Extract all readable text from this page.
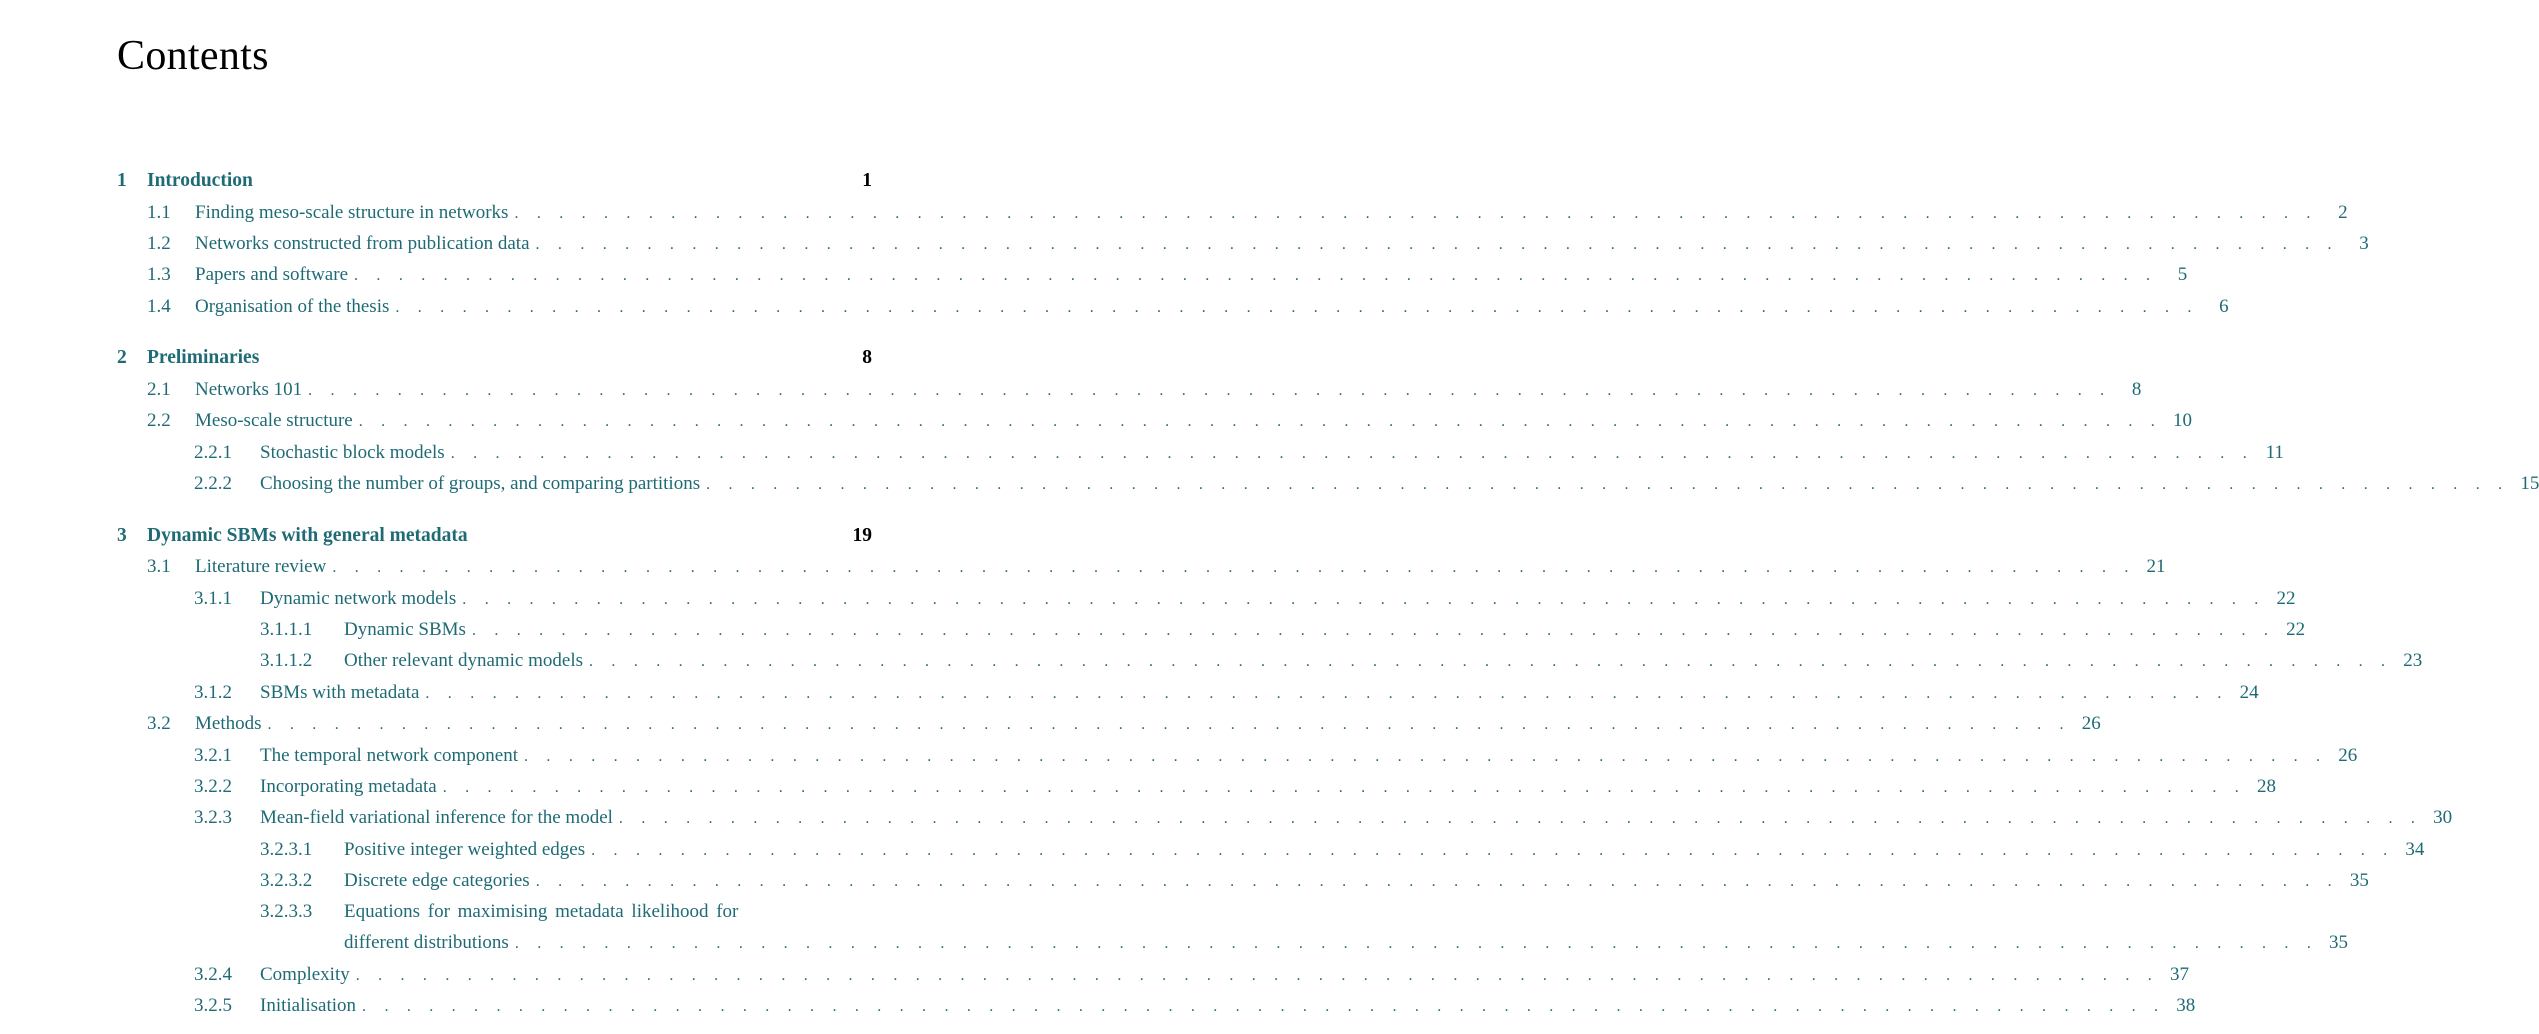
Contents
1	Introduction	1
1.1	Finding meso-scale structure in networks . . . . . . . . . . . . . . . . . . . . . . . . . . . . . . . . . . . . . . . . . . . . . . . . . . . . . . . . . . . . . . . . . . . . . . . . . . . . . . . . .	2
1.2	Networks constructed from publication data . . . . . . . . . . . . . . . . . . . . . . . . . . . . . . . . . . . . . . . . . . . . . . . . . . . . . . . . . . . . . . . . . . . . . . . . . . . . . . . . .	3
1.3	Papers and software . . . . . . . . . . . . . . . . . . . . . . . . . . . . . . . . . . . . . . . . . . . . . . . . . . . . . . . . . . . . . . . . . . . . . . . . . . . . . . . . .	5
1.4	Organisation of the thesis . . . . . . . . . . . . . . . . . . . . . . . . . . . . . . . . . . . . . . . . . . . . . . . . . . . . . . . . . . . . . . . . . . . . . . . . . . . . . . . . .	6
2	Preliminaries	8
2.1	Networks 101 . . . . . . . . . . . . . . . . . . . . . . . . . . . . . . . . . . . . . . . . . . . . . . . . . . . . . . . . . . . . . . . . . . . . . . . . . . . . . . . . .	8
2.2	Meso-scale structure . . . . . . . . . . . . . . . . . . . . . . . . . . . . . . . . . . . . . . . . . . . . . . . . . . . . . . . . . . . . . . . . . . . . . . . . . . . . . . . . . 10
2.2.1	Stochastic block models . . . . . . . . . . . . . . . . . . . . . . . . . . . . . . . . . . . . . . . . . . . . . . . . . . . . . . . . . . . . . . . . . . . . . . . . . . . . . . . . . 11
2.2.2	Choosing the number of groups, and comparing partitions . . . . . . . . . . . . . . . . . . . . . . . . . . . . . . . . . . . . . . . . . . . . . . . . . . . . . . . . . . . . . . . . . . . . . . . . . . . . . . . . . 15
3	Dynamic SBMs with general metadata	19
3.1	Literature review . . . . . . . . . . . . . . . . . . . . . . . . . . . . . . . . . . . . . . . . . . . . . . . . . . . . . . . . . . . . . . . . . . . . . . . . . . . . . . . . . 21
3.1.1	Dynamic network models . . . . . . . . . . . . . . . . . . . . . . . . . . . . . . . . . . . . . . . . . . . . . . . . . . . . . . . . . . . . . . . . . . . . . . . . . . . . . . . . . 22
3.1.1.1	Dynamic SBMs . . . . . . . . . . . . . . . . . . . . . . . . . . . . . . . . . . . . . . . . . . . . . . . . . . . . . . . . . . . . . . . . . . . . . . . . . . . . . . . . . 22
3.1.1.2	Other relevant dynamic models . . . . . . . . . . . . . . . . . . . . . . . . . . . . . . . . . . . . . . . . . . . . . . . . . . . . . . . . . . . . . . . . . . . . . . . . . . . . . . . . . 23
3.1.2	SBMs with metadata . . . . . . . . . . . . . . . . . . . . . . . . . . . . . . . . . . . . . . . . . . . . . . . . . . . . . . . . . . . . . . . . . . . . . . . . . . . . . . . . . 24
3.2	Methods . . . . . . . . . . . . . . . . . . . . . . . . . . . . . . . . . . . . . . . . . . . . . . . . . . . . . . . . . . . . . . . . . . . . . . . . . . . . . . . . . 26
3.2.1	The temporal network component . . . . . . . . . . . . . . . . . . . . . . . . . . . . . . . . . . . . . . . . . . . . . . . . . . . . . . . . . . . . . . . . . . . . . . . . . . . . . . . . . 26
3.2.2	Incorporating metadata . . . . . . . . . . . . . . . . . . . . . . . . . . . . . . . . . . . . . . . . . . . . . . . . . . . . . . . . . . . . . . . . . . . . . . . . . . . . . . . . . 28
3.2.3	Mean-field variational inference for the model . . . . . . . . . . . . . . . . . . . . . . . . . . . . . . . . . . . . . . . . . . . . . . . . . . . . . . . . . . . . . . . . . . . . . . . . . . . . . . . . . 30
3.2.3.1	Positive integer weighted edges . . . . . . . . . . . . . . . . . . . . . . . . . . . . . . . . . . . . . . . . . . . . . . . . . . . . . . . . . . . . . . . . . . . . . . . . . . . . . . . . . 34
3.2.3.2	Discrete edge categories . . . . . . . . . . . . . . . . . . . . . . . . . . . . . . . . . . . . . . . . . . . . . . . . . . . . . . . . . . . . . . . . . . . . . . . . . . . . . . . . . 35
3.2.3.3	Equations for maximising metadata likelihood for
different distributions . . . . . . . . . . . . . . . . . . . . . . . . . . . . . . . . . . . . . . . . . . . . . . . . . . . . . . . . . . . . . . . . . . . . . . . . . . . . . . . . . 35
3.2.4	Complexity . . . . . . . . . . . . . . . . . . . . . . . . . . . . . . . . . . . . . . . . . . . . . . . . . . . . . . . . . . . . . . . . . . . . . . . . . . . . . . . . . 37
3.2.5	Initialisation . . . . . . . . . . . . . . . . . . . . . . . . . . . . . . . . . . . . . . . . . . . . . . . . . . . . . . . . . . . . . . . . . . . . . . . . . . . . . . . . . 38
